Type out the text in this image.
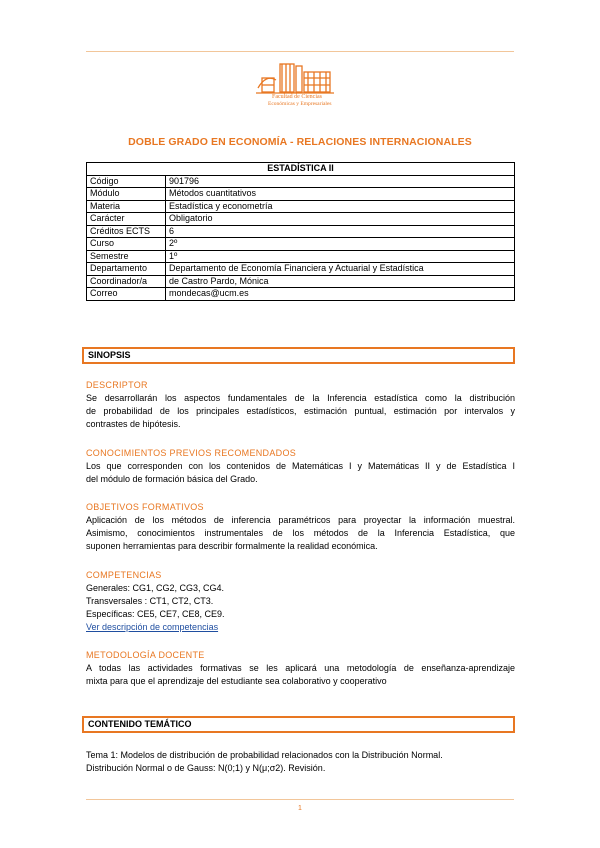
Facultad de Ciencias
Económicas y Empresariales
DOBLE GRADO EN ECONOMÍA - RELACIONES INTERNACIONALES
ESTADÍSTICA II	
Código	901796
Módulo	Métodos cuantitativos
Materia	Estadística y econometría
Carácter	Obligatorio
Créditos ECTS	6
Curso	2º
Semestre	1º
Departamento	Departamento de Economía Financiera y Actuarial y Estadística
Coordinador/a	de Castro Pardo, Mónica
Correo	mondecas@ucm.es
SINOPSIS
DESCRIPTOR
Se desarrollarán los aspectos fundamentales de la Inferencia estadística como la distribución
de probabilidad de los principales estadísticos, estimación puntual, estimación por intervalos y
contrastes de hipótesis.
CONOCIMIENTOS PREVIOS RECOMENDADOS
Los que corresponden con los contenidos de Matemáticas I y Matemáticas II y de Estadística I
del módulo de formación básica del Grado.
OBJETIVOS FORMATIVOS
Aplicación de los métodos de inferencia paramétricos para proyectar la información muestral.
Asimismo, conocimientos instrumentales de los métodos de la Inferencia Estadística, que
suponen herramientas para describir formalmente la realidad económica.
COMPETENCIAS
Generales: CG1, CG2, CG3, CG4.
Transversales : CT1, CT2, CT3.
Específicas: CE5, CE7, CE8, CE9.
Ver descripción de competencias
METODOLOGÍA DOCENTE
A todas las actividades formativas se les aplicará una metodología de enseñanza-aprendizaje
mixta para que el aprendizaje del estudiante sea colaborativo y cooperativo
CONTENIDO TEMÁTICO
Tema 1: Modelos de distribución de probabilidad relacionados con la Distribución Normal.
Distribución Normal o de Gauss: N(0;1) y N(μ;σ2). Revisión.
1
